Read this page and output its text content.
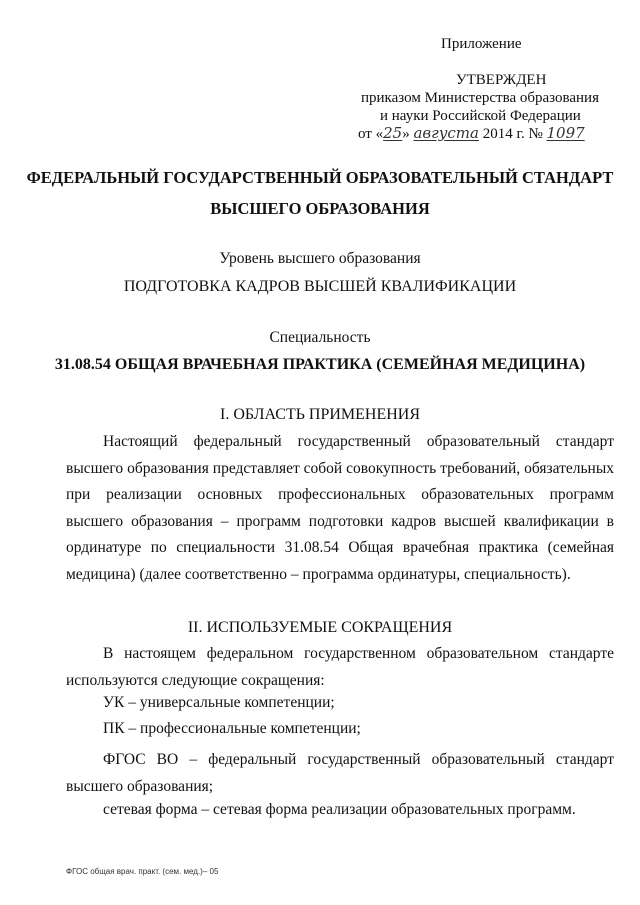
Приложение
УТВЕРЖДЕН
приказом Министерства образования
и науки Российской Федерации
от «25» августа 2014 г. № 1097
ФЕДЕРАЛЬНЫЙ ГОСУДАРСТВЕННЫЙ ОБРАЗОВАТЕЛЬНЫЙ СТАНДАРТ
ВЫСШЕГО ОБРАЗОВАНИЯ
Уровень высшего образования
ПОДГОТОВКА КАДРОВ ВЫСШЕЙ КВАЛИФИКАЦИИ
Специальность
31.08.54 ОБЩАЯ ВРАЧЕБНАЯ ПРАКТИКА (СЕМЕЙНАЯ МЕДИЦИНА)
I. ОБЛАСТЬ ПРИМЕНЕНИЯ
Настоящий федеральный государственный образовательный стандарт высшего образования представляет собой совокупность требований, обязательных при реализации основных профессиональных образовательных программ высшего образования – программ подготовки кадров высшей квалификации в ординатуре по специальности 31.08.54 Общая врачебная практика (семейная медицина) (далее соответственно – программа ординатуры, специальность).
II. ИСПОЛЬЗУЕМЫЕ СОКРАЩЕНИЯ
В настоящем федеральном государственном образовательном стандарте используются следующие сокращения:
УК – универсальные компетенции;
ПК – профессиональные компетенции;
ФГОС ВО – федеральный государственный образовательный стандарт высшего образования;
сетевая форма – сетевая форма реализации образовательных программ.
ФГОС общая врач. практ. (сем. мед.)– 05
